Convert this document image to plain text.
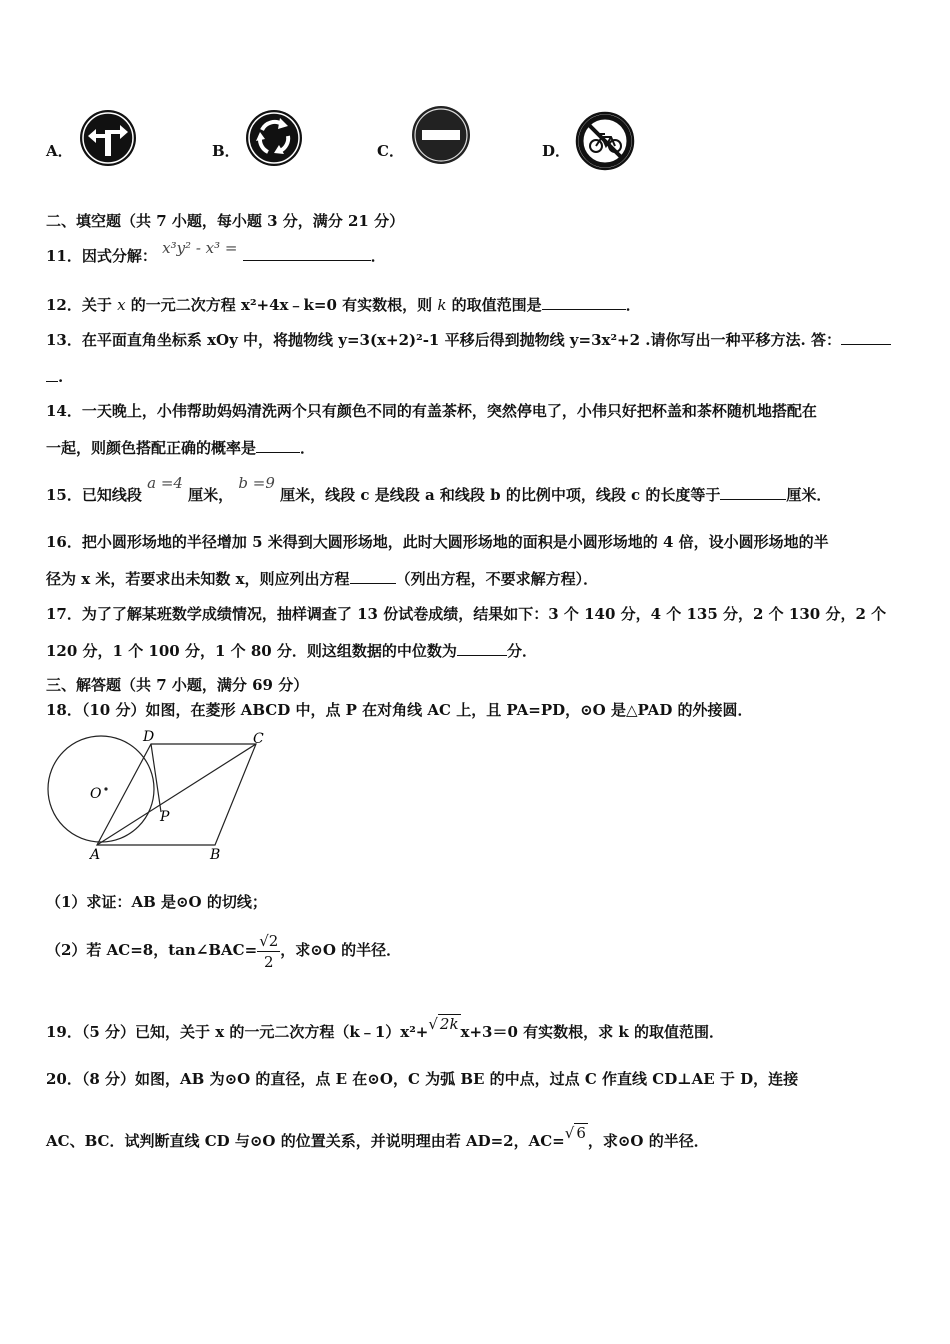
A．	B．	C．	D．
二、填空题（共 7 小题，每小题 3 分，满分 21 分）
11．因式分解： x³y² - x³ =	．
12．关于 x 的一元二次方程 x²+4x﹣k=0 有实数根，则 k 的取值范围是	．
13．在平面直角坐标系 xOy 中，将抛物线 y=3(x+2)²-1 平移后得到抛物线 y=3x²+2 .请你写出一种平移方法. 答：
.
14．一天晚上，小伟帮助妈妈清洗两个只有颜色不同的有盖茶杯，突然停电了，小伟只好把杯盖和茶杯随机地搭配在
一起，则颜色搭配正确的概率是	．
15．已知线段 a =4 厘米， b =9 厘米，线段 c 是线段 a 和线段 b 的比例中项，线段 c 的长度等于	厘米．
16．把小圆形场地的半径增加 5 米得到大圆形场地，此时大圆形场地的面积是小圆形场地的 4 倍，设小圆形场地的半
径为 x 米，若要求出未知数 x，则应列出方程	（列出方程，不要求解方程）．
17．为了了解某班数学成绩情况，抽样调查了 13 份试卷成绩，结果如下：3 个 140 分，4 个 135 分，2 个 130 分，2 个
120 分，1 个 100 分，1 个 80 分．则这组数据的中位数为	分．
三、解答题（共 7 小题，满分 69 分）
18．（10 分）如图，在菱形 ABCD 中，点 P 在对角线 AC 上，且 PA=PD，⊙O 是△PAD 的外接圆．
D	C
O
P
A	B
（1）求证：AB 是⊙O 的切线；
（2）若 AC=8，tan∠BAC= $\frac{√2}{2}$ ，求⊙O 的半径．
19．（5 分）已知，关于 x 的一元二次方程（k﹣1）x²+√ 2k x+3＝0 有实数根，求 k 的取值范围．
20．（8 分）如图，AB 为⊙O 的直径，点 E 在⊙O，C 为弧 BE 的中点，过点 C 作直线 CD⊥AE 于 D，连接
AC、BC．试判断直线 CD 与⊙O 的位置关系，并说明理由若 AD=2，AC=√ 6 ，求⊙O 的半径．
